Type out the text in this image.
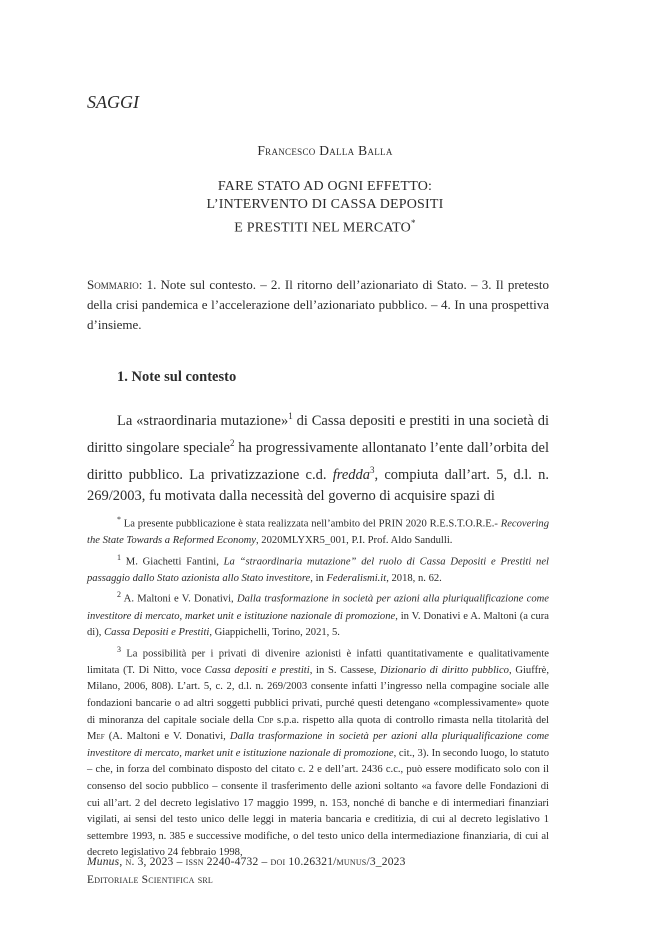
SAGGI
Francesco Dalla Balla
FARE STATO AD OGNI EFFETTO:
L’INTERVENTO DI CASSA DEPOSITI
E PRESTITI NEL MERCATO*
Sommario: 1. Note sul contesto. – 2. Il ritorno dell’azionariato di Stato. – 3. Il pretesto della crisi pandemica e l’accelerazione dell’azionariato pubblico. – 4. In una prospettiva d’insieme.
1. Note sul contesto

La «straordinaria mutazione»$^1$ di Cassa depositi e prestiti in una società di diritto singolare speciale$^2$ ha progressivamente allontanato l’ente dall’orbita del diritto pubblico. La privatizzazione c.d. fredda$^3$, compiuta dall’art. 5, d.l. n. 269/2003, fu motivata dalla necessità del governo di acquisire spazi di

* La presente pubblicazione è stata realizzata nell’ambito del PRIN 2020 R.E.S.T.O.R.E.- Recovering the State Towards a Reformed Economy, 2020MLYXR5_001, P.I. Prof. Aldo Sandulli.

$^1$ M. Giachetti Fantini, La “straordinaria mutazione” del ruolo di Cassa Depositi e Prestiti nel passaggio dallo Stato azionista allo Stato investitore, in Federalismi.it, 2018, n. 62.

$^2$ A. Maltoni e V. Donativi, Dalla trasformazione in società per azioni alla pluriqualificazione come investitore di mercato, market unit e istituzione nazionale di promozione, in V. Donativi e A. Maltoni (a cura di), Cassa Depositi e Prestiti, Giappichelli, Torino, 2021, 5.

$^3$ La possibilità per i privati di divenire azionisti è infatti quantitativamente e qualitativamente limitata (T. Di Nitto, voce Cassa depositi e prestiti, in S. Cassese, Dizionario di diritto pubblico, Giuffrè, Milano, 2006, 808). L’art. 5, c. 2, d.l. n. 269/2003 consente infatti l’ingresso nella compagine sociale alle fondazioni bancarie o ad altri soggetti pubblici privati, purché questi detengano «complessivamente» quote di minoranza del capitale sociale della Cdp s.p.a. rispetto alla quota di controllo rimasta nella titolarità del Mef (A. Maltoni e V. Donativi, Dalla trasformazione in società per azioni alla pluriqualificazione come investitore di mercato, market unit e istituzione nazionale di promozione, cit., 3). In secondo luogo, lo statuto – che, in forza del combinato disposto del citato c. 2 e dell’art. 2436 c.c., può essere modificato solo con il consenso del socio pubblico – consente il trasferimento delle azioni soltanto «a favore delle Fondazioni di cui all’art. 2 del decreto legislativo 17 maggio 1999, n. 153, nonché di banche e di intermediari finanziari vigilati, ai sensi del testo unico delle leggi in materia bancaria e creditizia, di cui al decreto legislativo 1 settembre 1993, n. 385 e successive modifiche, o del testo unico della intermediazione finanziaria, di cui al decreto legislativo 24 febbraio 1998,

Munus, n. 3, 2023 – issn 2240-4732 – doi 10.26321/munus/3_2023
Editoriale Scientifica srl
